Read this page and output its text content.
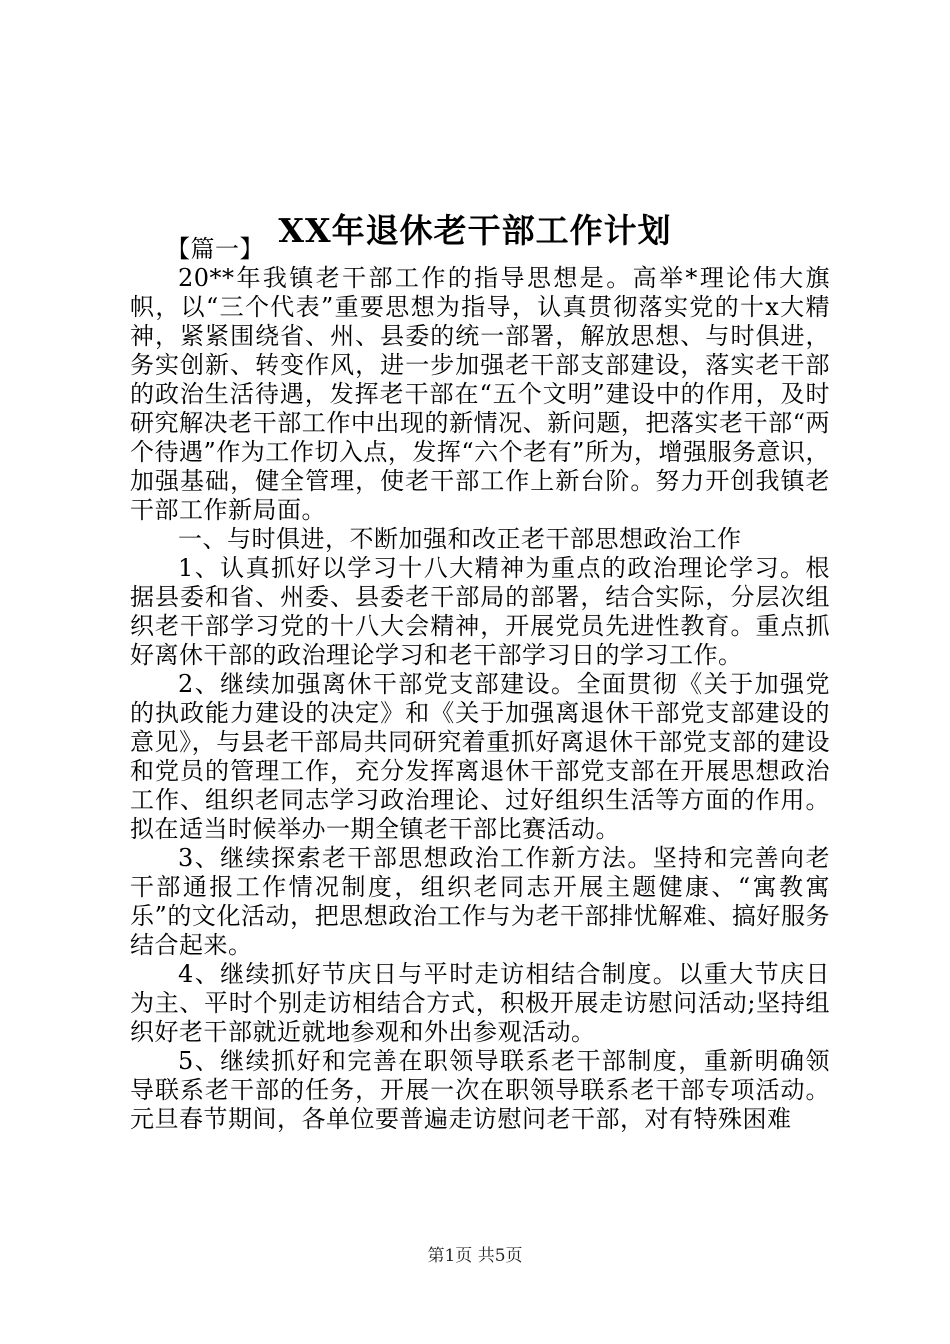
XX年退休老干部工作计划

【篇一】

20**年我镇老干部工作的指导思想是。高举*理论伟大旗帜，以“三个代表”重要思想为指导，认真贯彻落实党的十x大精神，紧紧围绕省、州、县委的统一部署，解放思想、与时俱进，务实创新、转变作风，进一步加强老干部支部建设，落实老干部的政治生活待遇，发挥老干部在“五个文明”建设中的作用，及时研究解决老干部工作中出现的新情况、新问题，把落实老干部“两个待遇”作为工作切入点，发挥“六个老有”所为，增强服务意识，加强基础，健全管理，使老干部工作上新台阶。努力开创我镇老干部工作新局面。

一、与时俱进，不断加强和改正老干部思想政治工作

1、认真抓好以学习十八大精神为重点的政治理论学习。根据县委和省、州委、县委老干部局的部署，结合实际，分层次组织老干部学习党的十八大会精神，开展党员先进性教育。重点抓好离休干部的政治理论学习和老干部学习日的学习工作。

2、继续加强离休干部党支部建设。全面贯彻《关于加强党的执政能力建设的决定》和《关于加强离退休干部党支部建设的意见》，与县老干部局共同研究着重抓好离退休干部党支部的建设和党员的管理工作，充分发挥离退休干部党支部在开展思想政治工作、组织老同志学习政治理论、过好组织生活等方面的作用。拟在适当时候举办一期全镇老干部比赛活动。

3、继续探索老干部思想政治工作新方法。坚持和完善向老干部通报工作情况制度，组织老同志开展主题健康、“寓教寓乐”的文化活动，把思想政治工作与为老干部排忧解难、搞好服务结合起来。

4、继续抓好节庆日与平时走访相结合制度。以重大节庆日为主、平时个别走访相结合方式，积极开展走访慰问活动;坚持组织好老干部就近就地参观和外出参观活动。

5、继续抓好和完善在职领导联系老干部制度，重新明确领导联系老干部的任务，开展一次在职领导联系老干部专项活动。元旦春节期间，各单位要普遍走访慰问老干部，对有特殊困难

第1页 共5页
